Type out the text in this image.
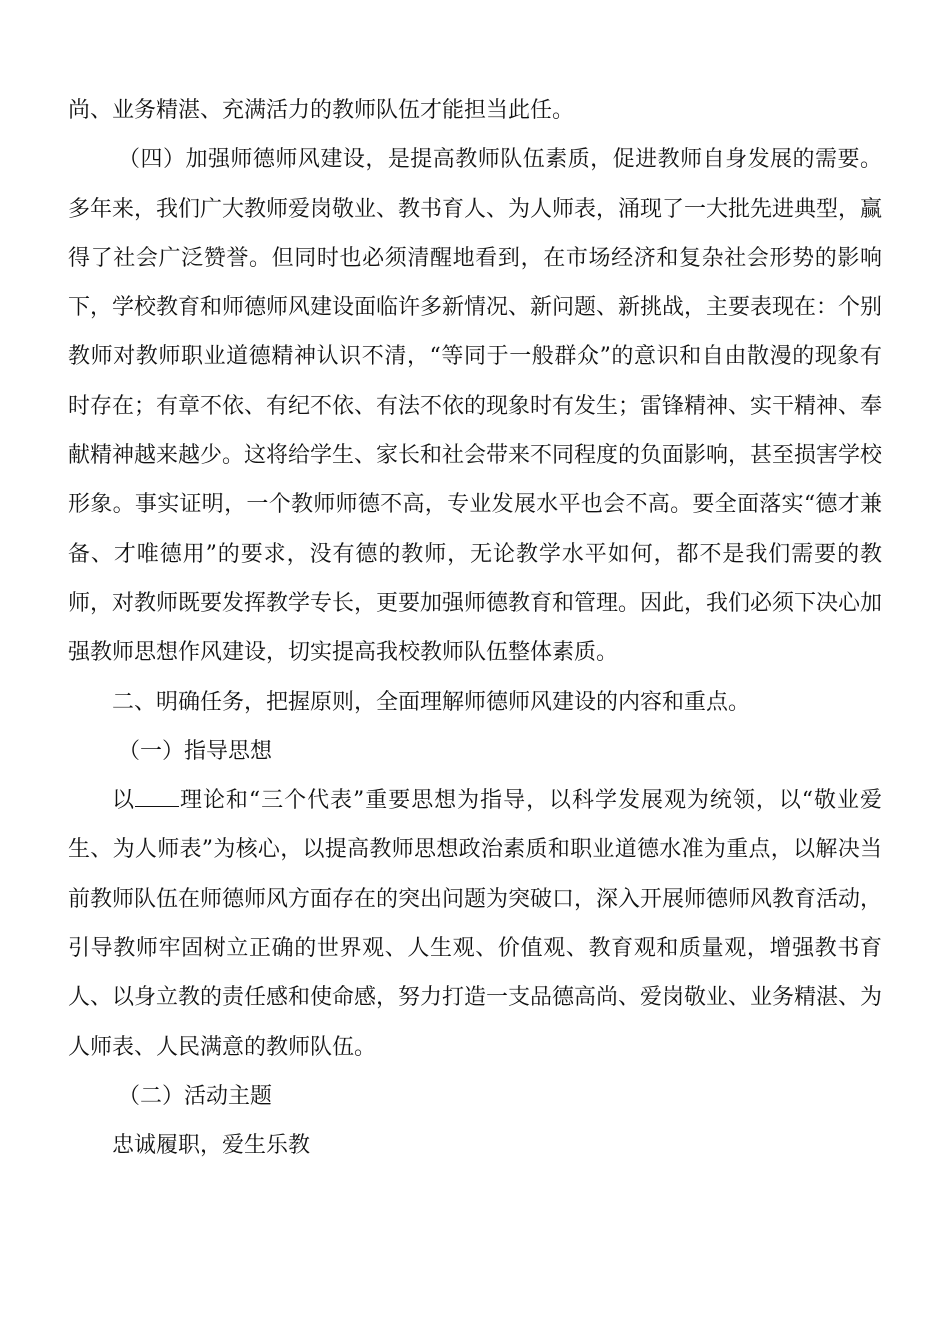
尚、业务精湛、充满活力的教师队伍才能担当此任。

（四）加强师德师风建设，是提高教师队伍素质，促进教师自身发展的需要。多年来，我们广大教师爱岗敬业、教书育人、为人师表，涌现了一大批先进典型，赢得了社会广泛赞誉。但同时也必须清醒地看到，在市场经济和复杂社会形势的影响下，学校教育和师德师风建设面临许多新情况、新问题、新挑战，主要表现在：个别教师对教师职业道德精神认识不清，“等同于一般群众”的意识和自由散漫的现象有时存在；有章不依、有纪不依、有法不依的现象时有发生；雷锋精神、实干精神、奉献精神越来越少。这将给学生、家长和社会带来不同程度的负面影响，甚至损害学校形象。事实证明，一个教师师德不高，专业发展水平也会不高。要全面落实“德才兼备、才唯德用”的要求，没有德的教师，无论教学水平如何，都不是我们需要的教师，对教师既要发挥教学专长，更要加强师德教育和管理。因此，我们必须下决心加强教师思想作风建设，切实提高我校教师队伍整体素质。

二、明确任务，把握原则，全面理解师德师风建设的内容和重点。

（一）指导思想

以 理论和“三个代表”重要思想为指导，以科学发展观为统领，以“敬业爱生、为人师表”为核心，以提高教师思想政治素质和职业道德水准为重点，以解决当前教师队伍在师德师风方面存在的突出问题为突破口，深入开展师德师风教育活动，引导教师牢固树立正确的世界观、人生观、价值观、教育观和质量观，增强教书育人、以身立教的责任感和使命感，努力打造一支品德高尚、爱岗敬业、业务精湛、为人师表、人民满意的教师队伍。

（二）活动主题

忠诚履职，爱生乐教
